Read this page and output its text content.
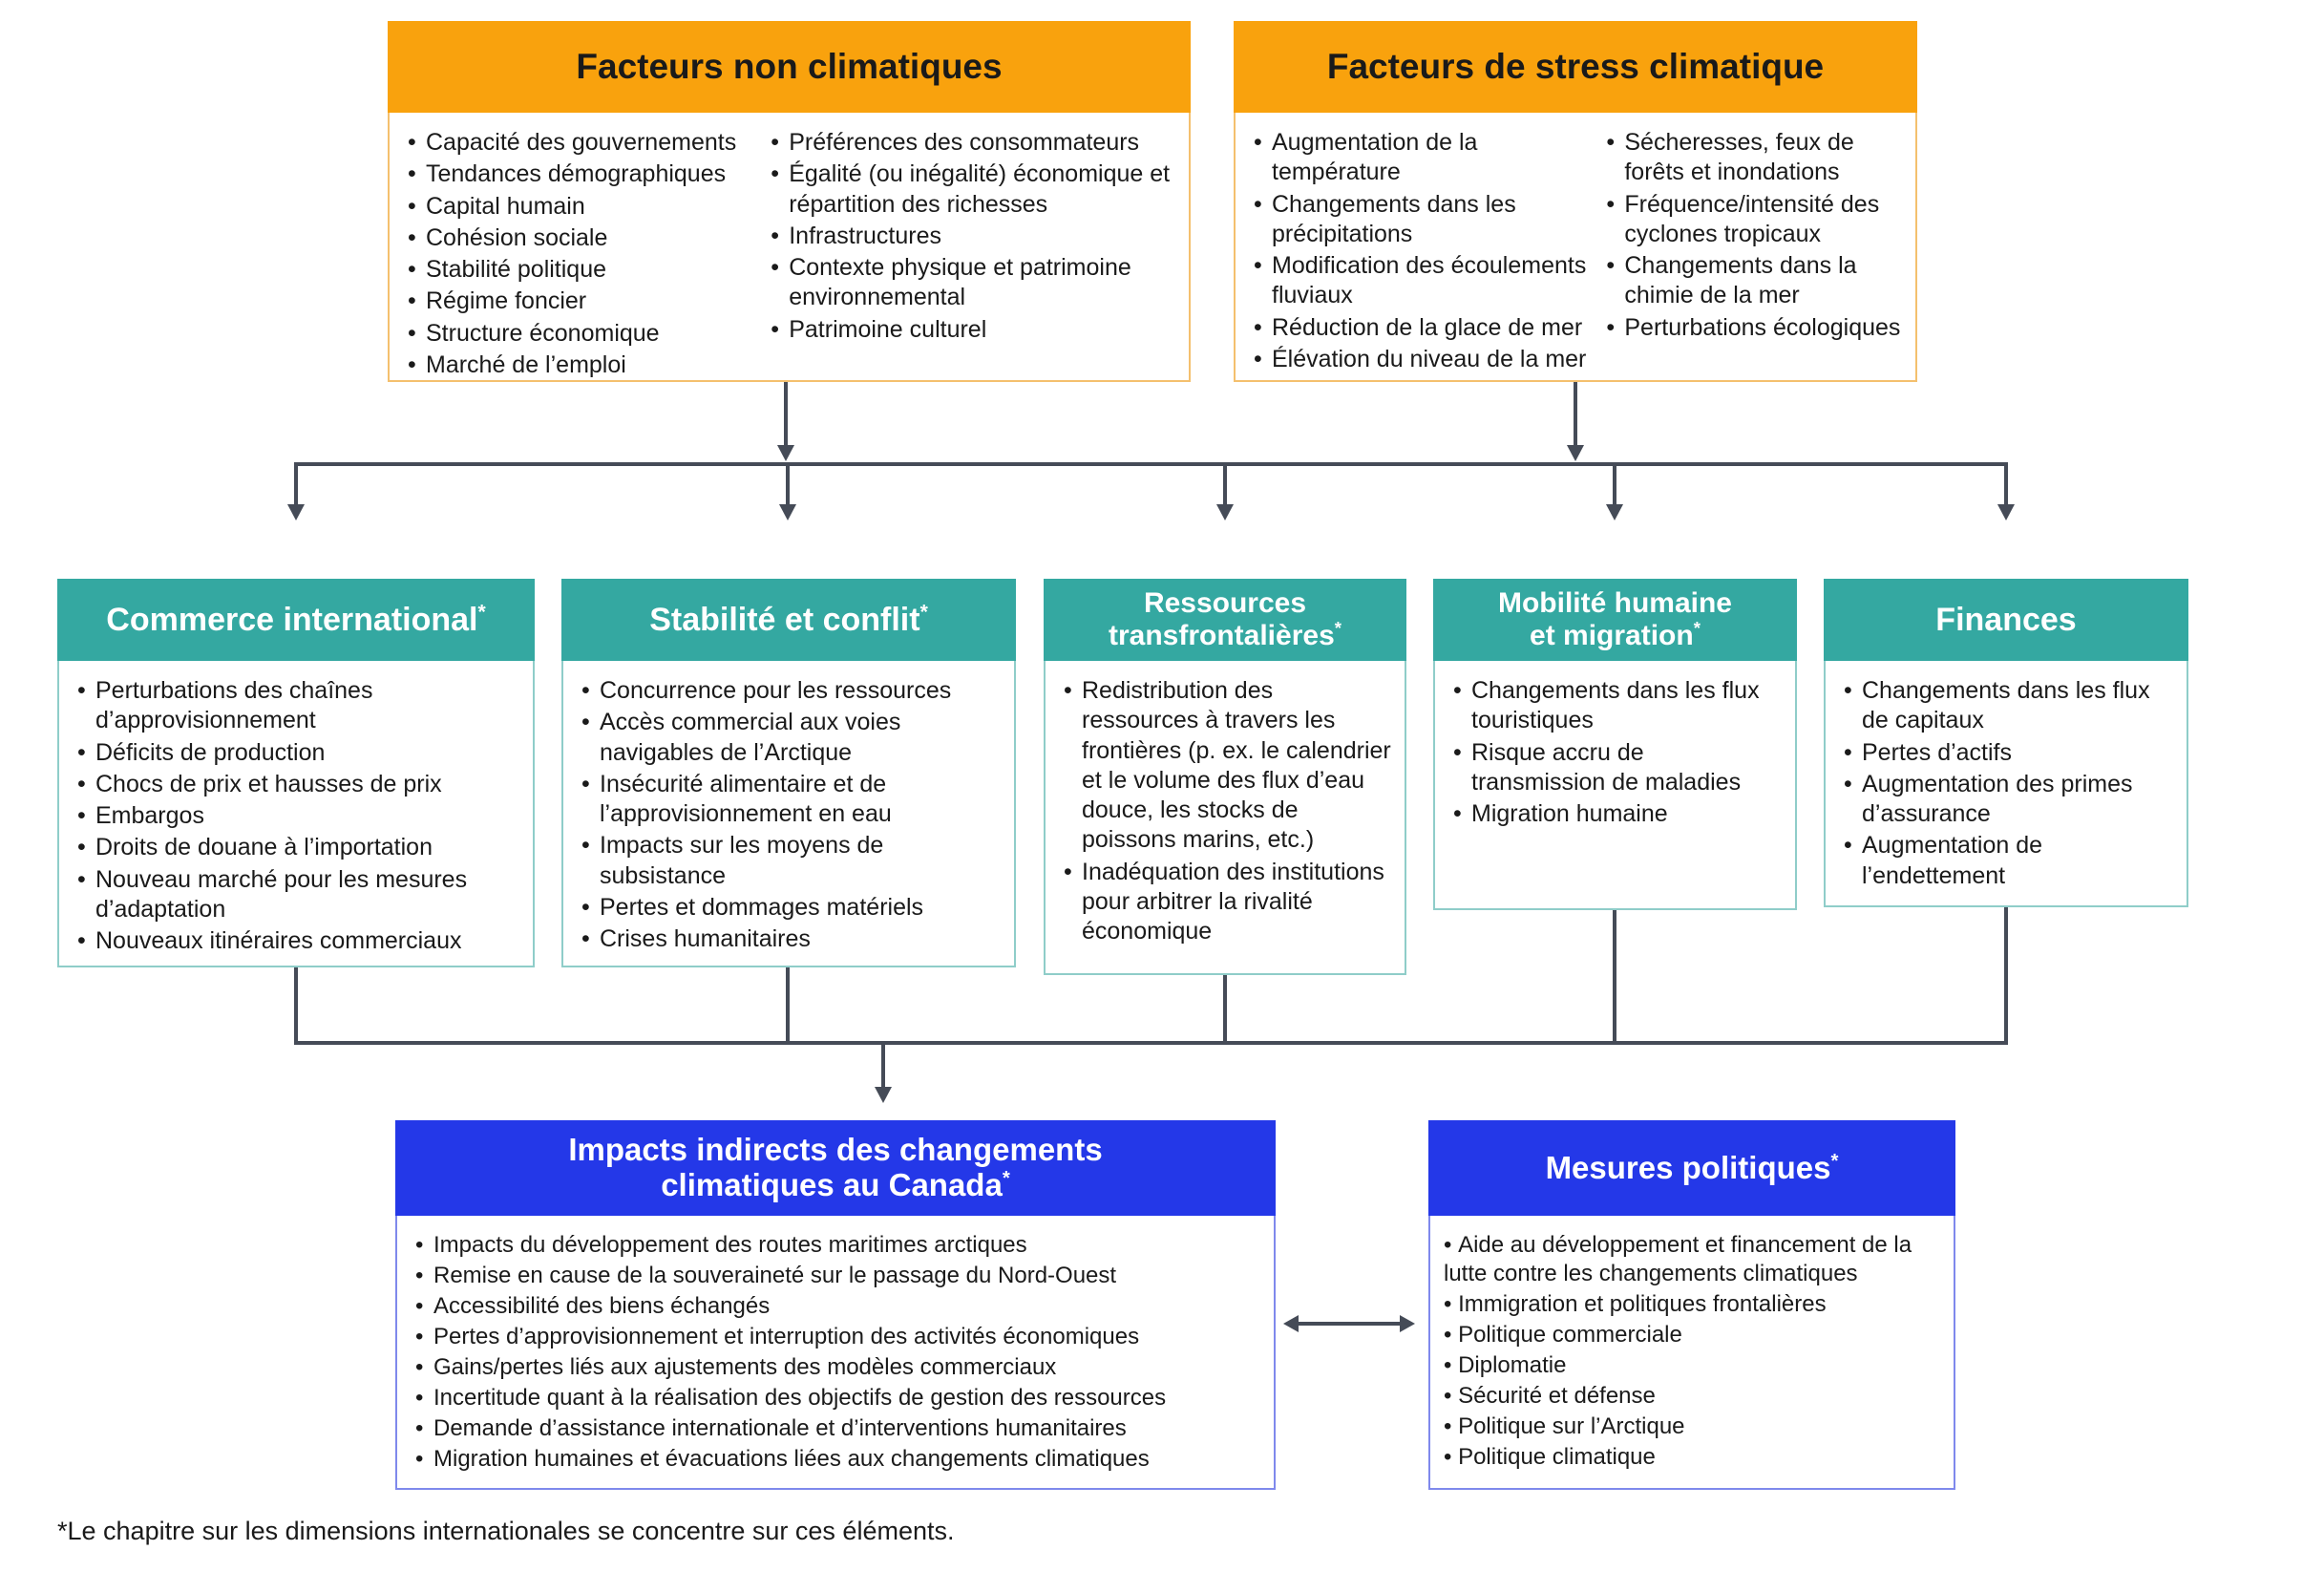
Facteurs non climatiques
• Capacité des gouvernements
• Tendances démographiques
• Capital humain
• Cohésion sociale
• Stabilité politique
• Régime foncier
• Structure économique
• Marché de l’emploi
• Préférences des consommateurs
• Égalité (ou inégalité) économique et répartition des richesses
• Infrastructures
• Contexte physique et patrimoine environnemental
• Patrimoine culturel
Facteurs de stress climatique
• Augmentation de la température
• Changements dans les précipitations
• Modification des écoulements fluviaux
• Réduction de la glace de mer
• Élévation du niveau de la mer
• Sécheresses, feux de forêts et inondations
• Fréquence/intensité des cyclones tropicaux
• Changements dans la chimie de la mer
• Perturbations écologiques
Commerce international*
• Perturbations des chaînes d’approvisionnement
• Déficits de production
• Chocs de prix et hausses de prix
• Embargos
• Droits de douane à l’importation
• Nouveau marché pour les mesures d’adaptation
• Nouveaux itinéraires commerciaux
Stabilité et conflit*
• Concurrence pour les ressources
• Accès commercial aux voies navigables de l’Arctique
• Insécurité alimentaire et de l’approvisionnement en eau
• Impacts sur les moyens de subsistance
• Pertes et dommages matériels
• Crises humanitaires
Ressources
transfrontalières*
• Redistribution des ressources à travers les frontières (p. ex. le calendrier et le volume des flux d’eau douce, les stocks de poissons marins, etc.)
• Inadéquation des institutions pour arbitrer la rivalité économique
Mobilité humaine
et migration*
• Changements dans les flux touristiques
• Risque accru de transmission de maladies
• Migration humaine
Finances
• Changements dans les flux de capitaux
• Pertes d’actifs
• Augmentation des primes d’assurance
• Augmentation de l’endettement
Impacts indirects des changements
climatiques au Canada*
• Impacts du développement des routes maritimes arctiques
• Remise en cause de la souveraineté sur le passage du Nord-Ouest
• Accessibilité des biens échangés
• Pertes d’approvisionnement et interruption des activités économiques
• Gains/pertes liés aux ajustements des modèles commerciaux
• Incertitude quant à la réalisation des objectifs de gestion des ressources
• Demande d’assistance internationale et d’interventions humanitaires
• Migration humaines et évacuations liées aux changements climatiques
Mesures politiques*
• Aide au développement et financement de la lutte contre les changements climatiques
• Immigration et politiques frontalières
• Politique commerciale
• Diplomatie
• Sécurité et défense
• Politique sur l’Arctique
• Politique climatique

*Le chapitre sur les dimensions internationales se concentre sur ces éléments.
